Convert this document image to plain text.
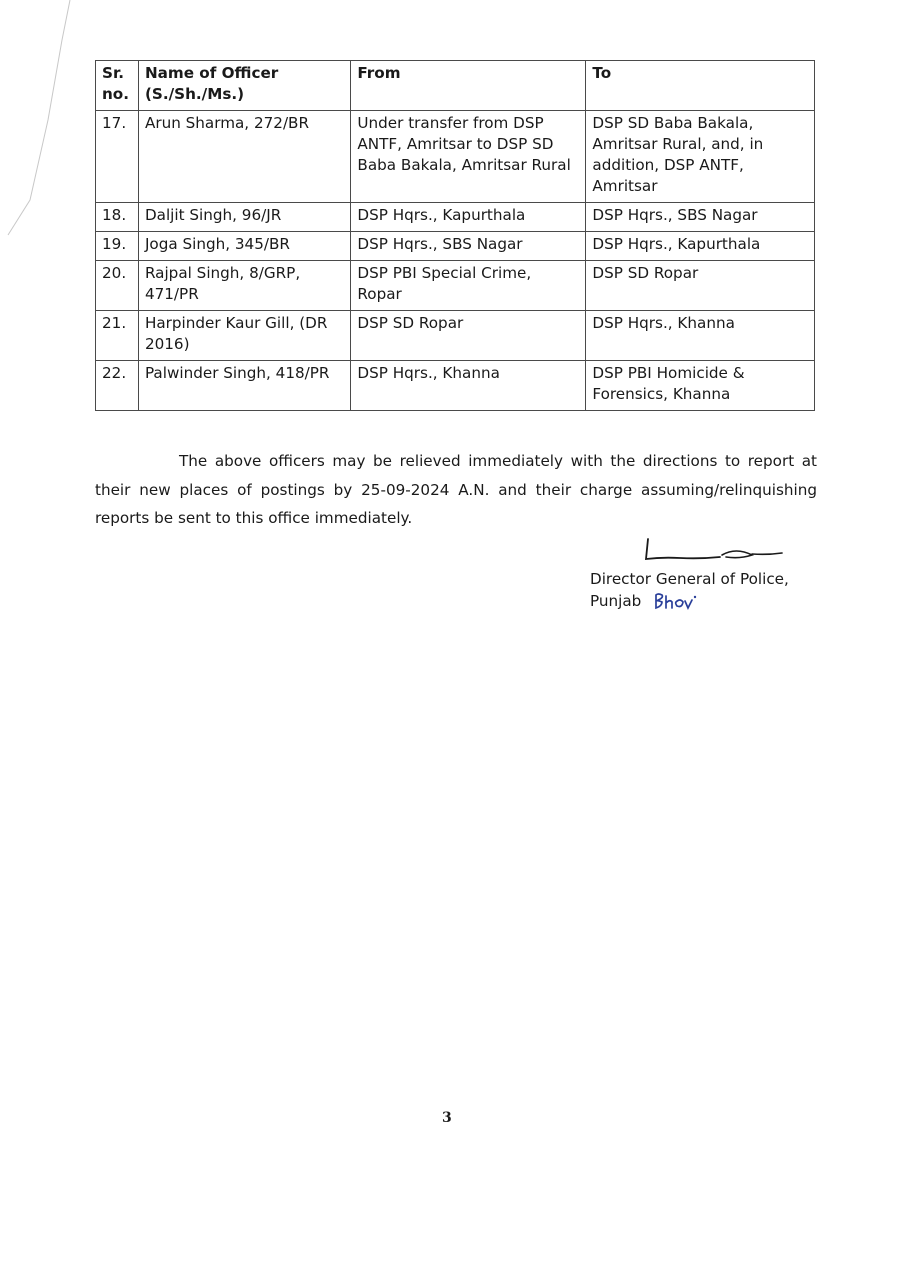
Sr. no.	Name of Officer (S./Sh./Ms.)	From	To
17.	Arun Sharma, 272/BR	Under transfer from DSP ANTF, Amritsar to DSP SD Baba Bakala, Amritsar Rural	DSP SD Baba Bakala, Amritsar Rural, and, in addition, DSP ANTF, Amritsar
18.	Daljit Singh, 96/JR	DSP Hqrs., Kapurthala	DSP Hqrs., SBS Nagar
19.	Joga Singh, 345/BR	DSP Hqrs., SBS Nagar	DSP Hqrs., Kapurthala
20.	Rajpal Singh, 8/GRP, 471/PR	DSP PBI Special Crime, Ropar	DSP SD Ropar
21.	Harpinder Kaur Gill, (DR 2016)	DSP SD Ropar	DSP Hqrs., Khanna
22.	Palwinder Singh, 418/PR	DSP Hqrs., Khanna	DSP PBI Homicide & Forensics, Khanna

The above officers may be relieved immediately with the directions to report at their new places of postings by 25-09-2024 A.N. and their charge assuming/relinquishing reports be sent to this office immediately.

Director General of Police,
Punjab
3
